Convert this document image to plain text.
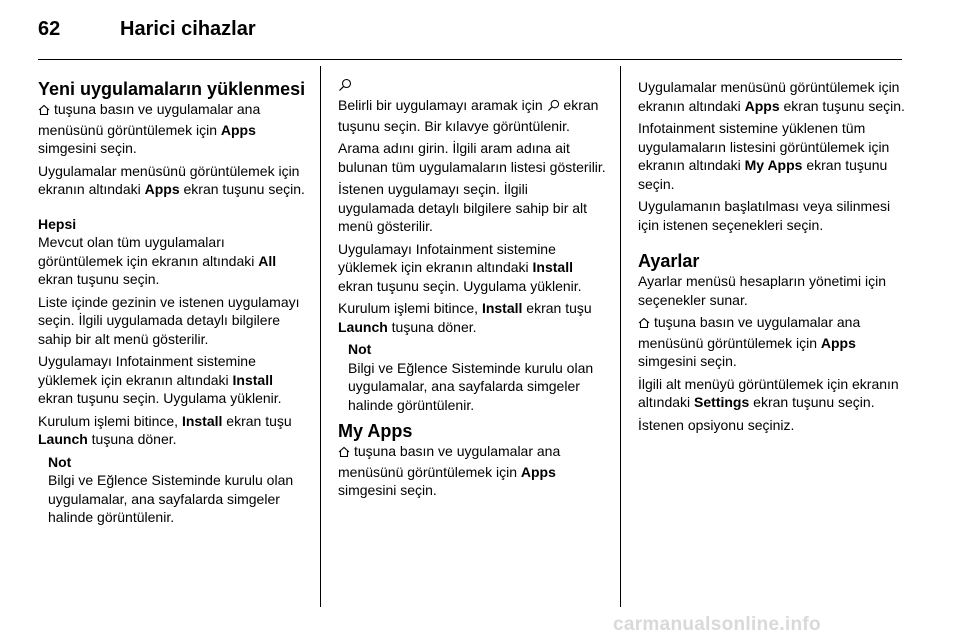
62	Harici cihazlar
Yeni uygulamaların yüklenmesi

tuşuna basın ve uygulamalar ana menüsünü görüntülemek için Apps simgesini seçin.

Uygulamalar menüsünü görüntülemek için ekranın altındaki Apps ekran tuşunu seçin.

Hepsi

Mevcut olan tüm uygulamaları görüntülemek için ekranın altındaki All ekran tuşunu seçin.

Liste içinde gezinin ve istenen uygulamayı seçin. İlgili uygulamada detaylı bilgilere sahip bir alt menü gösterilir.

Uygulamayı Infotainment sistemine yüklemek için ekranın altındaki Install ekran tuşunu seçin. Uygulama yüklenir.

Kurulum işlemi bitince, Install ekran tuşu Launch tuşuna döner.

Not
Bilgi ve Eğlence Sisteminde kurulu olan uygulamalar, ana sayfalarda simgeler halinde görüntülenir.

Belirli bir uygulamayı aramak için  ekran tuşunu seçin. Bir kılavye görüntülenir.

Arama adını girin. İlgili aram adına ait bulunan tüm uygulamaların listesi gösterilir.

İstenen uygulamayı seçin. İlgili uygulamada detaylı bilgilere sahip bir alt menü gösterilir.

Uygulamayı Infotainment sistemine yüklemek için ekranın altındaki Install ekran tuşunu seçin. Uygulama yüklenir.

Kurulum işlemi bitince, Install ekran tuşu Launch tuşuna döner.

Not
Bilgi ve Eğlence Sisteminde kurulu olan uygulamalar, ana sayfalarda simgeler halinde görüntülenir.
My Apps

tuşuna basın ve uygulamalar ana menüsünü görüntülemek için Apps simgesini seçin.

Uygulamalar menüsünü görüntülemek için ekranın altındaki Apps ekran tuşunu seçin.

Infotainment sistemine yüklenen tüm uygulamaların listesini görüntülemek için ekranın altındaki My Apps ekran tuşunu seçin.

Uygulamanın başlatılması veya silinmesi için istenen seçenekleri seçin.

Ayarlar

Ayarlar menüsü hesapların yönetimi için seçenekler sunar.

tuşuna basın ve uygulamalar ana menüsünü görüntülemek için Apps simgesini seçin.

İlgili alt menüyü görüntülemek için ekranın altındaki Settings ekran tuşunu seçin.

İstenen opsiyonu seçiniz.

carmanualsonline.info
